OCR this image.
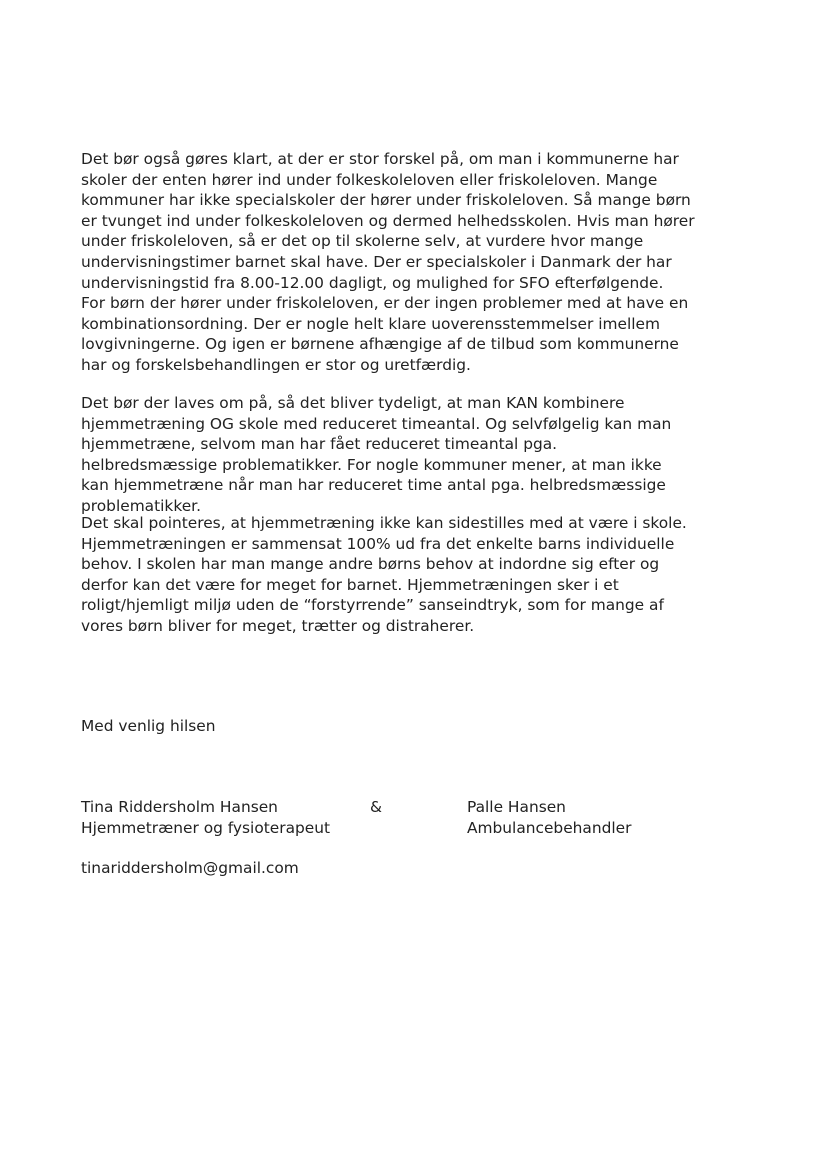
Det bør også gøres klart, at der er stor forskel på, om man i kommunerne har
skoler der enten hører ind under folkeskoleloven eller friskoleloven. Mange
kommuner har ikke specialskoler der hører under friskoleloven. Så mange børn
er tvunget ind under folkeskoleloven og dermed helhedsskolen. Hvis man hører
under friskoleloven, så er det op til skolerne selv, at vurdere hvor mange
undervisningstimer barnet skal have. Der er specialskoler i Danmark der har
undervisningstid fra 8.00-12.00 dagligt, og mulighed for SFO efterfølgende.
For børn der hører under friskoleloven, er der ingen problemer med at have en
kombinationsordning. Der er nogle helt klare uoverensstemmelser imellem
lovgivningerne. Og igen er børnene afhængige af de tilbud som kommunerne
har og forskelsbehandlingen er stor og uretfærdig.

Det bør der laves om på, så det bliver tydeligt, at man KAN kombinere
hjemmetræning OG skole med reduceret timeantal. Og selvfølgelig kan man
hjemmetræne, selvom man har fået reduceret timeantal pga.
helbredsmæssige problematikker. For nogle kommuner mener, at man ikke
kan hjemmetræne når man har reduceret time antal pga. helbredsmæssige
problematikker.

Det skal pointeres, at hjemmetræning ikke kan sidestilles med at være i skole.
Hjemmetræningen er sammensat 100% ud fra det enkelte barns individuelle
behov. I skolen har man mange andre børns behov at indordne sig efter og
derfor kan det være for meget for barnet. Hjemmetræningen sker i et
roligt/hjemligt miljø uden de “forstyrrende” sanseindtryk, som for mange af
vores børn bliver for meget, trætter og distraherer.

Med venlig hilsen
Tina Riddersholm Hansen
Hjemmetræner og fysioterapeut
&	Palle Hansen
Ambulancebehandler
tinariddersholm@gmail.com
